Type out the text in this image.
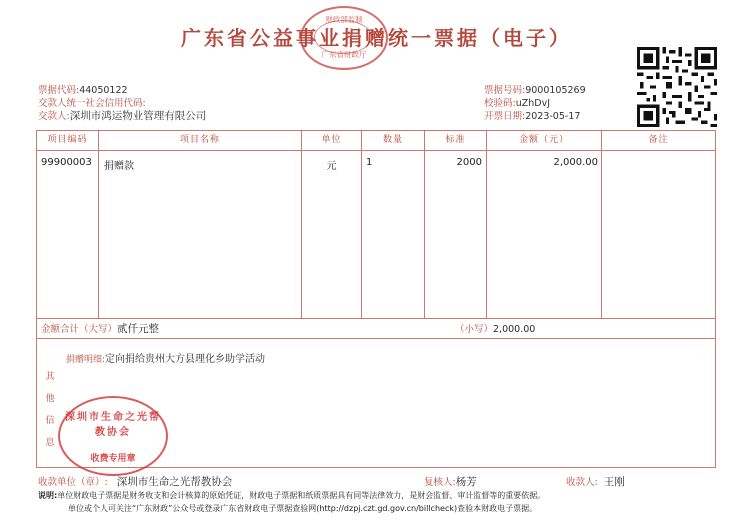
广东省公益事业捐赠统一票据（电子）
财政部监制
广东省财政厅
票据代码:44050122
交款人统一社会信用代码:
交款人:深圳市鸿运物业管理有限公司
票据号码:9000105269
校验码:uZhDvJ
开票日期:2023-05-17
项目编码	项目名称	单位	数量	标准	金额（元）	备注
99900003 捐赠款	元	1	2000	2,000.00
金额合计（大写）贰仟元整	（小写）2,000.00
其
他
信
息
捐赠明细:定向捐给贵州大方县理化乡助学活动
深圳市生命之光帮教协会
收费专用章
收款单位（章）: 深圳市生命之光帮教协会	复核人:杨芳	收款人: 王刚
说明:单位财政电子票据是财务收支和会计核算的原始凭证，财政电子票据和纸质票据具有同等法律效力，是财会监督、审计监督等的重要依据。
单位或个人可关注“广东财政”公众号或登录广东省财政电子票据查验网(http://dzpj.czt.gd.gov.cn/billcheck)查验本财政电子票据。
